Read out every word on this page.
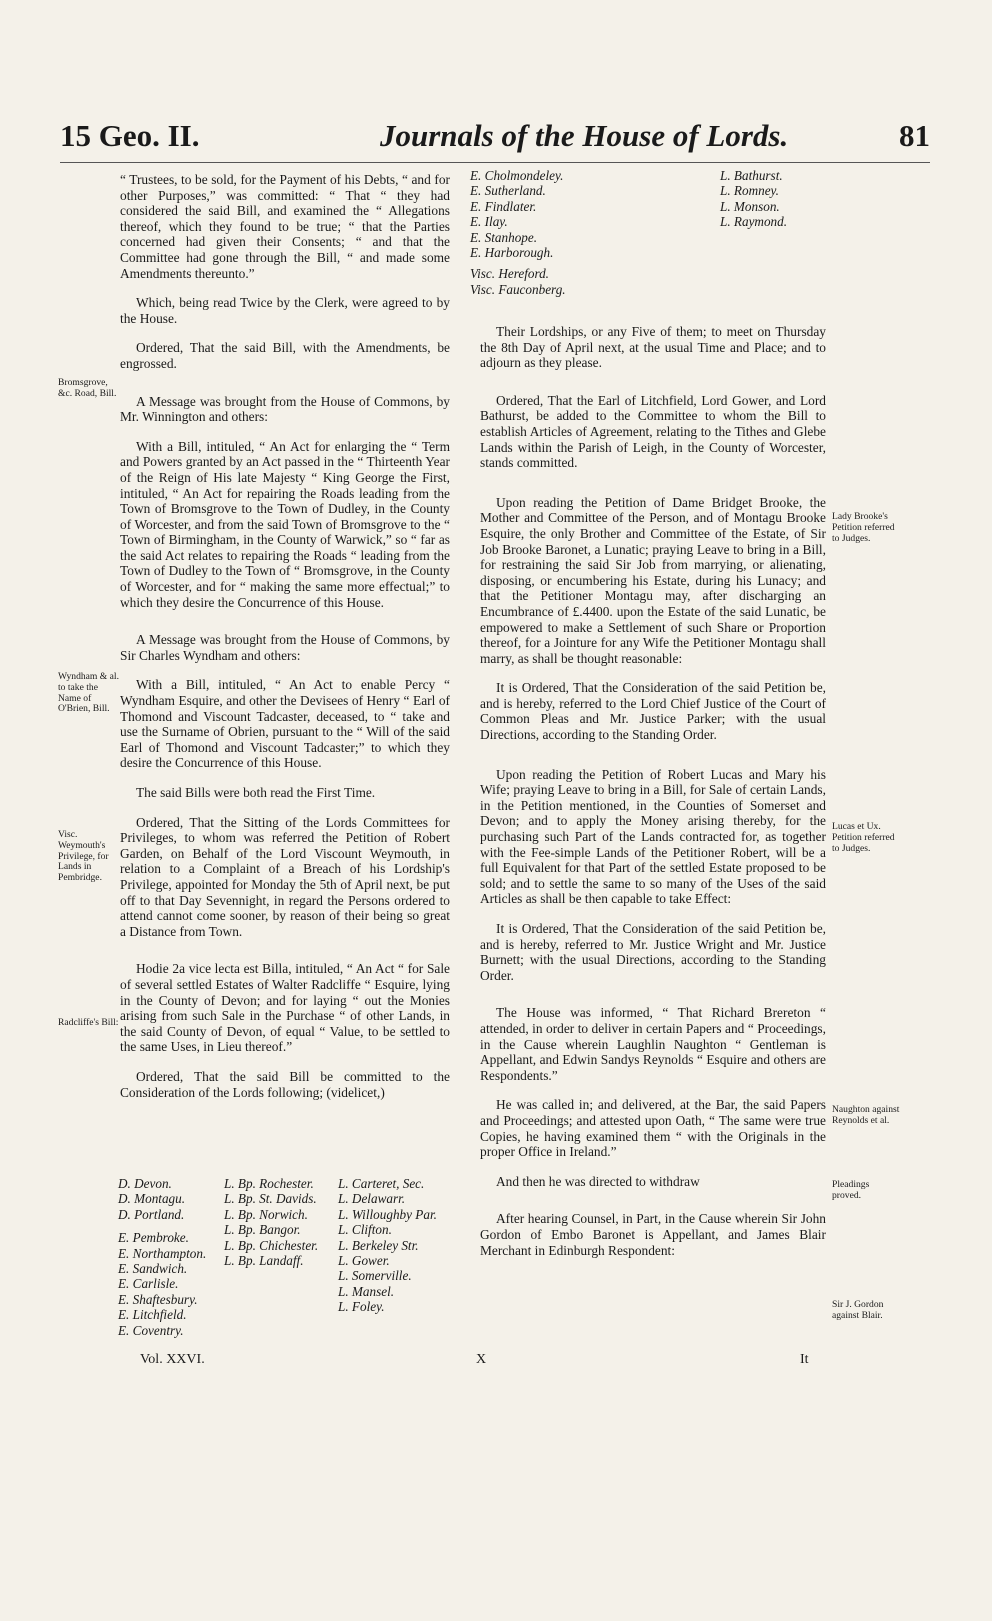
15 Geo. II.	Journals of the House of Lords.	81

“ Trustees, to be sold, for the Payment of his Debts, “ and for other Purposes,” was committed: “ That “ they had considered the said Bill, and examined the “ Allegations thereof, which they found to be true; “ that the Parties concerned had given their Consents; “ and that the Committee had gone through the Bill, “ and made some Amendments thereunto.”

Which, being read Twice by the Clerk, were agreed to by the House.

Ordered, That the said Bill, with the Amendments, be engrossed.

A Message was brought from the House of Commons, by Mr. Winnington and others:

With a Bill, intituled, “ An Act for enlarging the “ Term and Powers granted by an Act passed in the “ Thirteenth Year of the Reign of His late Majesty “ King George the First, intituled, “ An Act for repairing the Roads leading from the Town of Bromsgrove to the Town of Dudley, in the County of Worcester, and from the said Town of Bromsgrove to the “ Town of Birmingham, in the County of Warwick,” so “ far as the said Act relates to repairing the Roads “ leading from the Town of Dudley to the Town of “ Bromsgrove, in the County of Worcester, and for “ making the same more effectual;” to which they desire the Concurrence of this House.

A Message was brought from the House of Commons, by Sir Charles Wyndham and others:

With a Bill, intituled, “ An Act to enable Percy “ Wyndham Esquire, and other the Devisees of Henry “ Earl of Thomond and Viscount Tadcaster, deceased, to “ take and use the Surname of Obrien, pursuant to the “ Will of the said Earl of Thomond and Viscount Tadcaster;” to which they desire the Concurrence of this House.

The said Bills were both read the First Time.

Ordered, That the Sitting of the Lords Committees for Privileges, to whom was referred the Petition of Robert Garden, on Behalf of the Lord Viscount Weymouth, in relation to a Complaint of a Breach of his Lordship's Privilege, appointed for Monday the 5th of April next, be put off to that Day Sevennight, in regard the Persons ordered to attend cannot come sooner, by reason of their being so great a Distance from Town.

Hodie 2a vice lecta est Billa, intituled, “ An Act “ for Sale of several settled Estates of Walter Radcliffe “ Esquire, lying in the County of Devon; and for laying “ out the Monies arising from such Sale in the Purchase “ of other Lands, in the said County of Devon, of equal “ Value, to be settled to the same Uses, in Lieu thereof.”

Ordered, That the said Bill be committed to the Consideration of the Lords following; (videlicet,)

Bromsgrove, &c. Road, Bill.
Wyndham & al. to take the Name of O'Brien, Bill.
Visc. Weymouth's Privilege, for Lands in Pembridge.
Radcliffe's Bill:
D. Devon.
D. Montagu.
D. Portland.
E. Pembroke.
E. Northampton.
E. Sandwich.
E. Carlisle.
E. Shaftesbury.
E. Litchfield.
E. Coventry.
L. Bp. Rochester.
L. Bp. St. Davids.
L. Bp. Norwich.
L. Bp. Bangor.
L. Bp. Chichester.
L. Bp. Landaff.
L. Carteret, Sec.
L. Delawarr.
L. Willoughby Par.
L. Clifton.
L. Berkeley Str.
L. Gower.
L. Somerville.
L. Mansel.
L. Foley.
Vol. XXVI.	X
E. Cholmondeley.
E. Sutherland.
E. Findlater.
E. Ilay.
E. Stanhope.
E. Harborough.
Visc. Hereford.
Visc. Fauconberg.
L. Bathurst.
L. Romney.
L. Monson.
L. Raymond.

Their Lordships, or any Five of them; to meet on Thursday the 8th Day of April next, at the usual Time and Place; and to adjourn as they please.

Ordered, That the Earl of Litchfield, Lord Gower, and Lord Bathurst, be added to the Committee to whom the Bill to establish Articles of Agreement, relating to the Tithes and Glebe Lands within the Parish of Leigh, in the County of Worcester, stands committed.

Upon reading the Petition of Dame Bridget Brooke, the Mother and Committee of the Person, and of Montagu Brooke Esquire, the only Brother and Committee of the Estate, of Sir Job Brooke Baronet, a Lunatic; praying Leave to bring in a Bill, for restraining the said Sir Job from marrying, or alienating, disposing, or encumbering his Estate, during his Lunacy; and that the Petitioner Montagu may, after discharging an Encumbrance of £.4400. upon the Estate of the said Lunatic, be empowered to make a Settlement of such Share or Proportion thereof, for a Jointure for any Wife the Petitioner Montagu shall marry, as shall be thought reasonable:

It is Ordered, That the Consideration of the said Petition be, and is hereby, referred to the Lord Chief Justice of the Court of Common Pleas and Mr. Justice Parker; with the usual Directions, according to the Standing Order.

Upon reading the Petition of Robert Lucas and Mary his Wife; praying Leave to bring in a Bill, for Sale of certain Lands, in the Petition mentioned, in the Counties of Somerset and Devon; and to apply the Money arising thereby, for the purchasing such Part of the Lands contracted for, as together with the Fee-simple Lands of the Petitioner Robert, will be a full Equivalent for that Part of the settled Estate proposed to be sold; and to settle the same to so many of the Uses of the said Articles as shall be then capable to take Effect:

It is Ordered, That the Consideration of the said Petition be, and is hereby, referred to Mr. Justice Wright and Mr. Justice Burnett; with the usual Directions, according to the Standing Order.

The House was informed, “ That Richard Brereton “ attended, in order to deliver in certain Papers and “ Proceedings, in the Cause wherein Laughlin Naughton “ Gentleman is Appellant, and Edwin Sandys Reynolds “ Esquire and others are Respondents.”

He was called in; and delivered, at the Bar, the said Papers and Proceedings; and attested upon Oath, “ The same were true Copies, he having examined them “ with the Originals in the proper Office in Ireland.”

And then he was directed to withdraw

After hearing Counsel, in Part, in the Cause wherein Sir John Gordon of Embo Baronet is Appellant, and James Blair Merchant in Edinburgh Respondent:

Lady Brooke's Petition referred to Judges.
Lucas et Ux. Petition referred to Judges.
Naughton against Reynolds et al.
Pleadings proved.
Sir J. Gordon against Blair.
It
